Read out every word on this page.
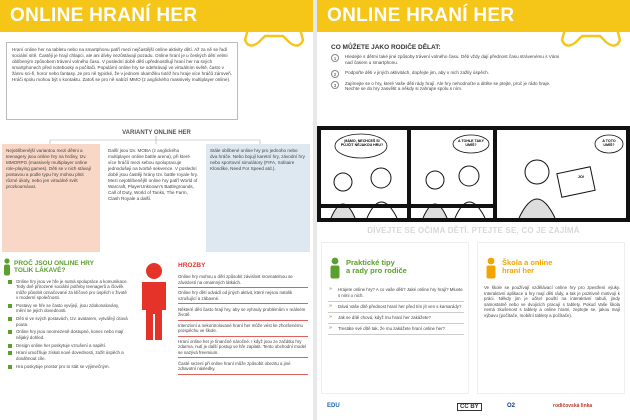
ONLINE HRANÍ HER
Hraní online her na tabletu nebo na smartphonu patří mezi nejčastější online aktivity dětí. Až za ně se řadí sociální sítě. Častěji je hrají chlapci, ale ani dívky nezůstávají pozadu. Online hraní je u českých dětí velmi oblíbeným způsobem trávení volného času. V poslední době dětí upřednostňují hraní her na svých smartphonech před notebooky a počítači. Populární online hry se odehrávají ve virtuálním světě, často v žánru sci-fi, horor nebo fantasy. Je pro ně typické, že v jednom okamžiku tutéž hru hraje více hráčů zároveň. Hráči spolu mohou být v kontaktu. Zatoš se pro ně nabízí MMO (z anglického massively multiplayer online).
VARIANTY ONLINE HER
Nejoblíbenější variantou mezi dětmi a teenagery jsou online hry na hrdiny, tzv. MMORPG (massively multiplayer online role-playing games). Děti se v nich stávají postavou a podle typu hry mohou plnit různé úkoly, nebo jen virtuálně svět prozkoumávat.
Další jsou tzv. MOBA (z anglického multiplayer online battle arena), při které více hráčů mezi sebou spolupracuje jednodušeji na tvorbě sekvence. V poslední době jsou častěji hrány tzv. battle royale hry. Mezi nejoblíbenější online hry patří World of Warcraft, PlayerUnknown's Battlegrounds, Call of Duty, World of Tanks, The Farm, Clash Royale a další.
Stále oblíbené online hry pro jednoho nebo dva hráče. Nebo bojují karetní hry, závodní hry nebo sportovní simulátory (FIFA, Solitaire Klondike, Need For Speed atd.).
PROČ JSOU ONLINE HRY
TOLIK LÁKAVÉ?
Online hry jsou ve hře je nutná spolupráce a komunikace. Tedy dvě přirozené sociální potřeby teenagerů a člověk může působit označované za klíčové pro úspěch v životě v moderní společnosti.
Postavy ve hře se často vyvíjejí, jsou zdokonalovány, mění se jejich dovednosti.
Děti si ve svých postavách, tzv. avatarem, vytvářejí citová pouta.
Online hry jsou neomezeně dostupné, konec nebo mají nějaký dohled.
Design online her poskytuje vzrušení a napětí.
Hraní umožňuje získat nové dovednosti, zažít úspěch a dosáhnout cíle.
Hra poskytuje prostor pro to stát se výjimečným.
HROZBY
Online hry mohou u dětí způsobit závislost srovnatelnou se závislostí na omamných látkách.
Online hry dětí odvádí od jiných aktivit, které nejsou natolik vzrušující a zábavné.
Některé děti často hrají hry, aby se vyhnuly problémům v reálném životě.
Intenzivní a nekontrolované hraní her může vést ke zhoršenému prospěchu ve škole.
Hraní online her je finančně náročné. I když jsou ze začátku hry zdarma, nutí je další postup ve hře zaplatit. Tento obchodní model se nazývá freemium.
Časté sezení při online hraní může způsobit obezitu a jiné zdravotní následky.
ONLINE HRANÍ HER
CO MŮŽETE JAKO RODIČE DĚLAT:
1	Hledejte s dětmi také jiné způsoby trávení volného času. Děti vždy dají přednost času strávenému s Vámi nad časem u smartphonu.
2	Podpořte děti v jiných aktivitách, dopřejte jim, aby v nich zažily úspěch.
3	Zajímejte se o hry, které Vaše děti rády hrají. Ale hry nehodnoťte a ditěte se ptejte, proč je rádo hraje. Nechte se do hry zasvětit a někdy si zahrajte spolu s ním.
MÁMO, NECHCEŠ SI PŮJČIT NĚJAKOU HRU?
A TOHLE TAKY UMÍŠ?
A TOTO UMÍŠ?
JO!
DÍVEJTE SE OČIMA DĚTÍ. PTEJTE SE, CO JE ZAJÍMÁ
Praktické tipy
a rady pro rodiče
» Hrajete online hry? A co vaše děti? Jaké online hry hrají? Mluvte s nimi o nich.
» Dává Vaše dítě přednost hraní her před tím jít ven s kamarády?
» Jak se dítě chová, když mu hraní her zakážete?
» Trestáte své dítě tak, že mu zakážete hraní online her?
Škola a online
hraní her
Ve škole se používají vzdělávací online hry pro zpestření výuky. Interaktivní aplikace a hry mají děti rády, a tak je pozitivně motivují k práci. Někdy jim je učitel pouští na interaktivní tabuli, jindy samostatně nebo ve dvojicích pracují s tablety. Pokud Vaše škola nemá zkušenost s tablety a online hrami, zeptejte se, jakou mají výbavu (počítače, mobilní tablety a počítače).
EDU	CC BY	O2	rodičovská linka
